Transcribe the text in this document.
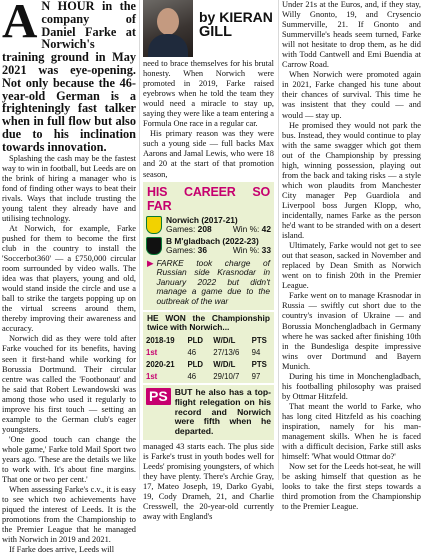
A N HOUR in the company of Daniel Farke at Norwich's training ground in May 2021 was eye-opening. Not only because the 46-year-old German is a frighteningly fast talker when in full flow but also due to his inclination towards innovation.

Splashing the cash may be the fastest way to win in football, but Leeds are on the brink of hiring a manager who is fond of finding other ways to beat their rivals. Ways that include trusting the young talent they already have and utilising technology.

At Norwich, for example, Farke pushed for them to become the first club in the country to install the 'Soccerbot360' — a £750,000 circular room surrounded by video walls. The idea was that players, young and old, would stand inside the circle and use a ball to strike the targets popping up on the virtual screens around them, thereby improving their awareness and accuracy.

Norwich did as they were told after Farke vouched for its benefits, having seen it first-hand while working for Borussia Dortmund. Their circular centre was called the 'Footbonaut' and he said that Robert Lewandowski was among those who used it regularly to improve his first touch — setting an example to the German club's eager youngsters.

'One good touch can change the whole game,' Farke told Mail Sport two years ago. 'These are the details we like to work with. It's about fine margins. That one or two per cent.'

When assessing Farke's c.v., it is easy to see which two achievements have piqued the interest of Leeds. It is the promotions from the Championship to the Premier League that he managed with Norwich in 2019 and 2021.

If Farke does arrive, Leeds will

by KIERAN
GILL

need to brace themselves for his brutal honesty. When Norwich were promoted in 2019, Farke raised eyebrows when he told the team they would need a miracle to stay up, saying they were like a team entering a Formula One race in a regular car.

His primary reason was they were such a young side — full backs Max Aarons and Jamal Lewis, who were 18 and 20 at the start of that promotion season,

HIS CAREER SO FAR
Norwich (2017-21)
Games: 208	Win %: 42
B M'gladbach (2022-23)
Games: 36	Win %: 33
▶ FARKE took charge of Russian side Krasnodar in January 2022 but didn't manage a game due to the outbreak of the war
HE WON the Championship twice with Norwich...
2018-19	PLD	W/D/L	PTS
1st	46	27/13/6	94
2020-21	PLD	W/D/L	PTS
1st	46	29/10/7	97
PS BUT he also has a top-flight relegation on his record and Norwich were fifth when he departed.

managed 43 starts each. The plus side is Farke's trust in youth bodes well for Leeds' promising youngsters, of which they have plenty. There's Archie Gray, 17, Mateo Joseph, 19, Darko Gyabi, 19, Cody Drameh, 21, and Charlie Cresswell, the 20-year-old currently away with England's

Under 21s at the Euros, and, if they stay, Willy Gnonto, 19, and Crysencio Summerville, 21. If Gnonto and Summerville's heads seem turned, Farke will not hesitate to drop them, as he did with Todd Cantwell and Emi Buendia at Carrow Road.

When Norwich were promoted again in 2021, Farke changed his tune about their chances of survival. This time he was insistent that they could — and would — stay up.

He promised they would not park the bus. Instead, they would continue to play with the same swagger which got them out of the Championship by pressing high, winning possession, playing out from the back and taking risks — a style which won plaudits from Manchester City manager Pep Guardiola and Liverpool boss Jurgen Klopp, who, incidentally, names Farke as the person he'd want to be stranded with on a desert island.

Ultimately, Farke would not get to see out that season, sacked in November and replaced by Dean Smith as Norwich went on to finish 20th in the Premier League.

Farke went on to manage Krasnodar in Russia — swiftly cut short due to the country's invasion of Ukraine — and Borussia Monchengladbach in Germany where he was sacked after finishing 10th in the Bundesliga despite impressive wins over Dortmund and Bayern Munich.

During his time in Monchengladbach, his footballing philosophy was praised by Ottmar Hitzfeld.

That meant the world to Farke, who has long cited Hitzfeld as his coaching inspiration, namely for his man-management skills. When he is faced with a difficult decision, Farke still asks himself: 'What would Ottmar do?'

Now set for the Leeds hot-seat, he will be asking himself that question as he looks to take the first steps towards a third promotion from the Championship to the Premier League.
